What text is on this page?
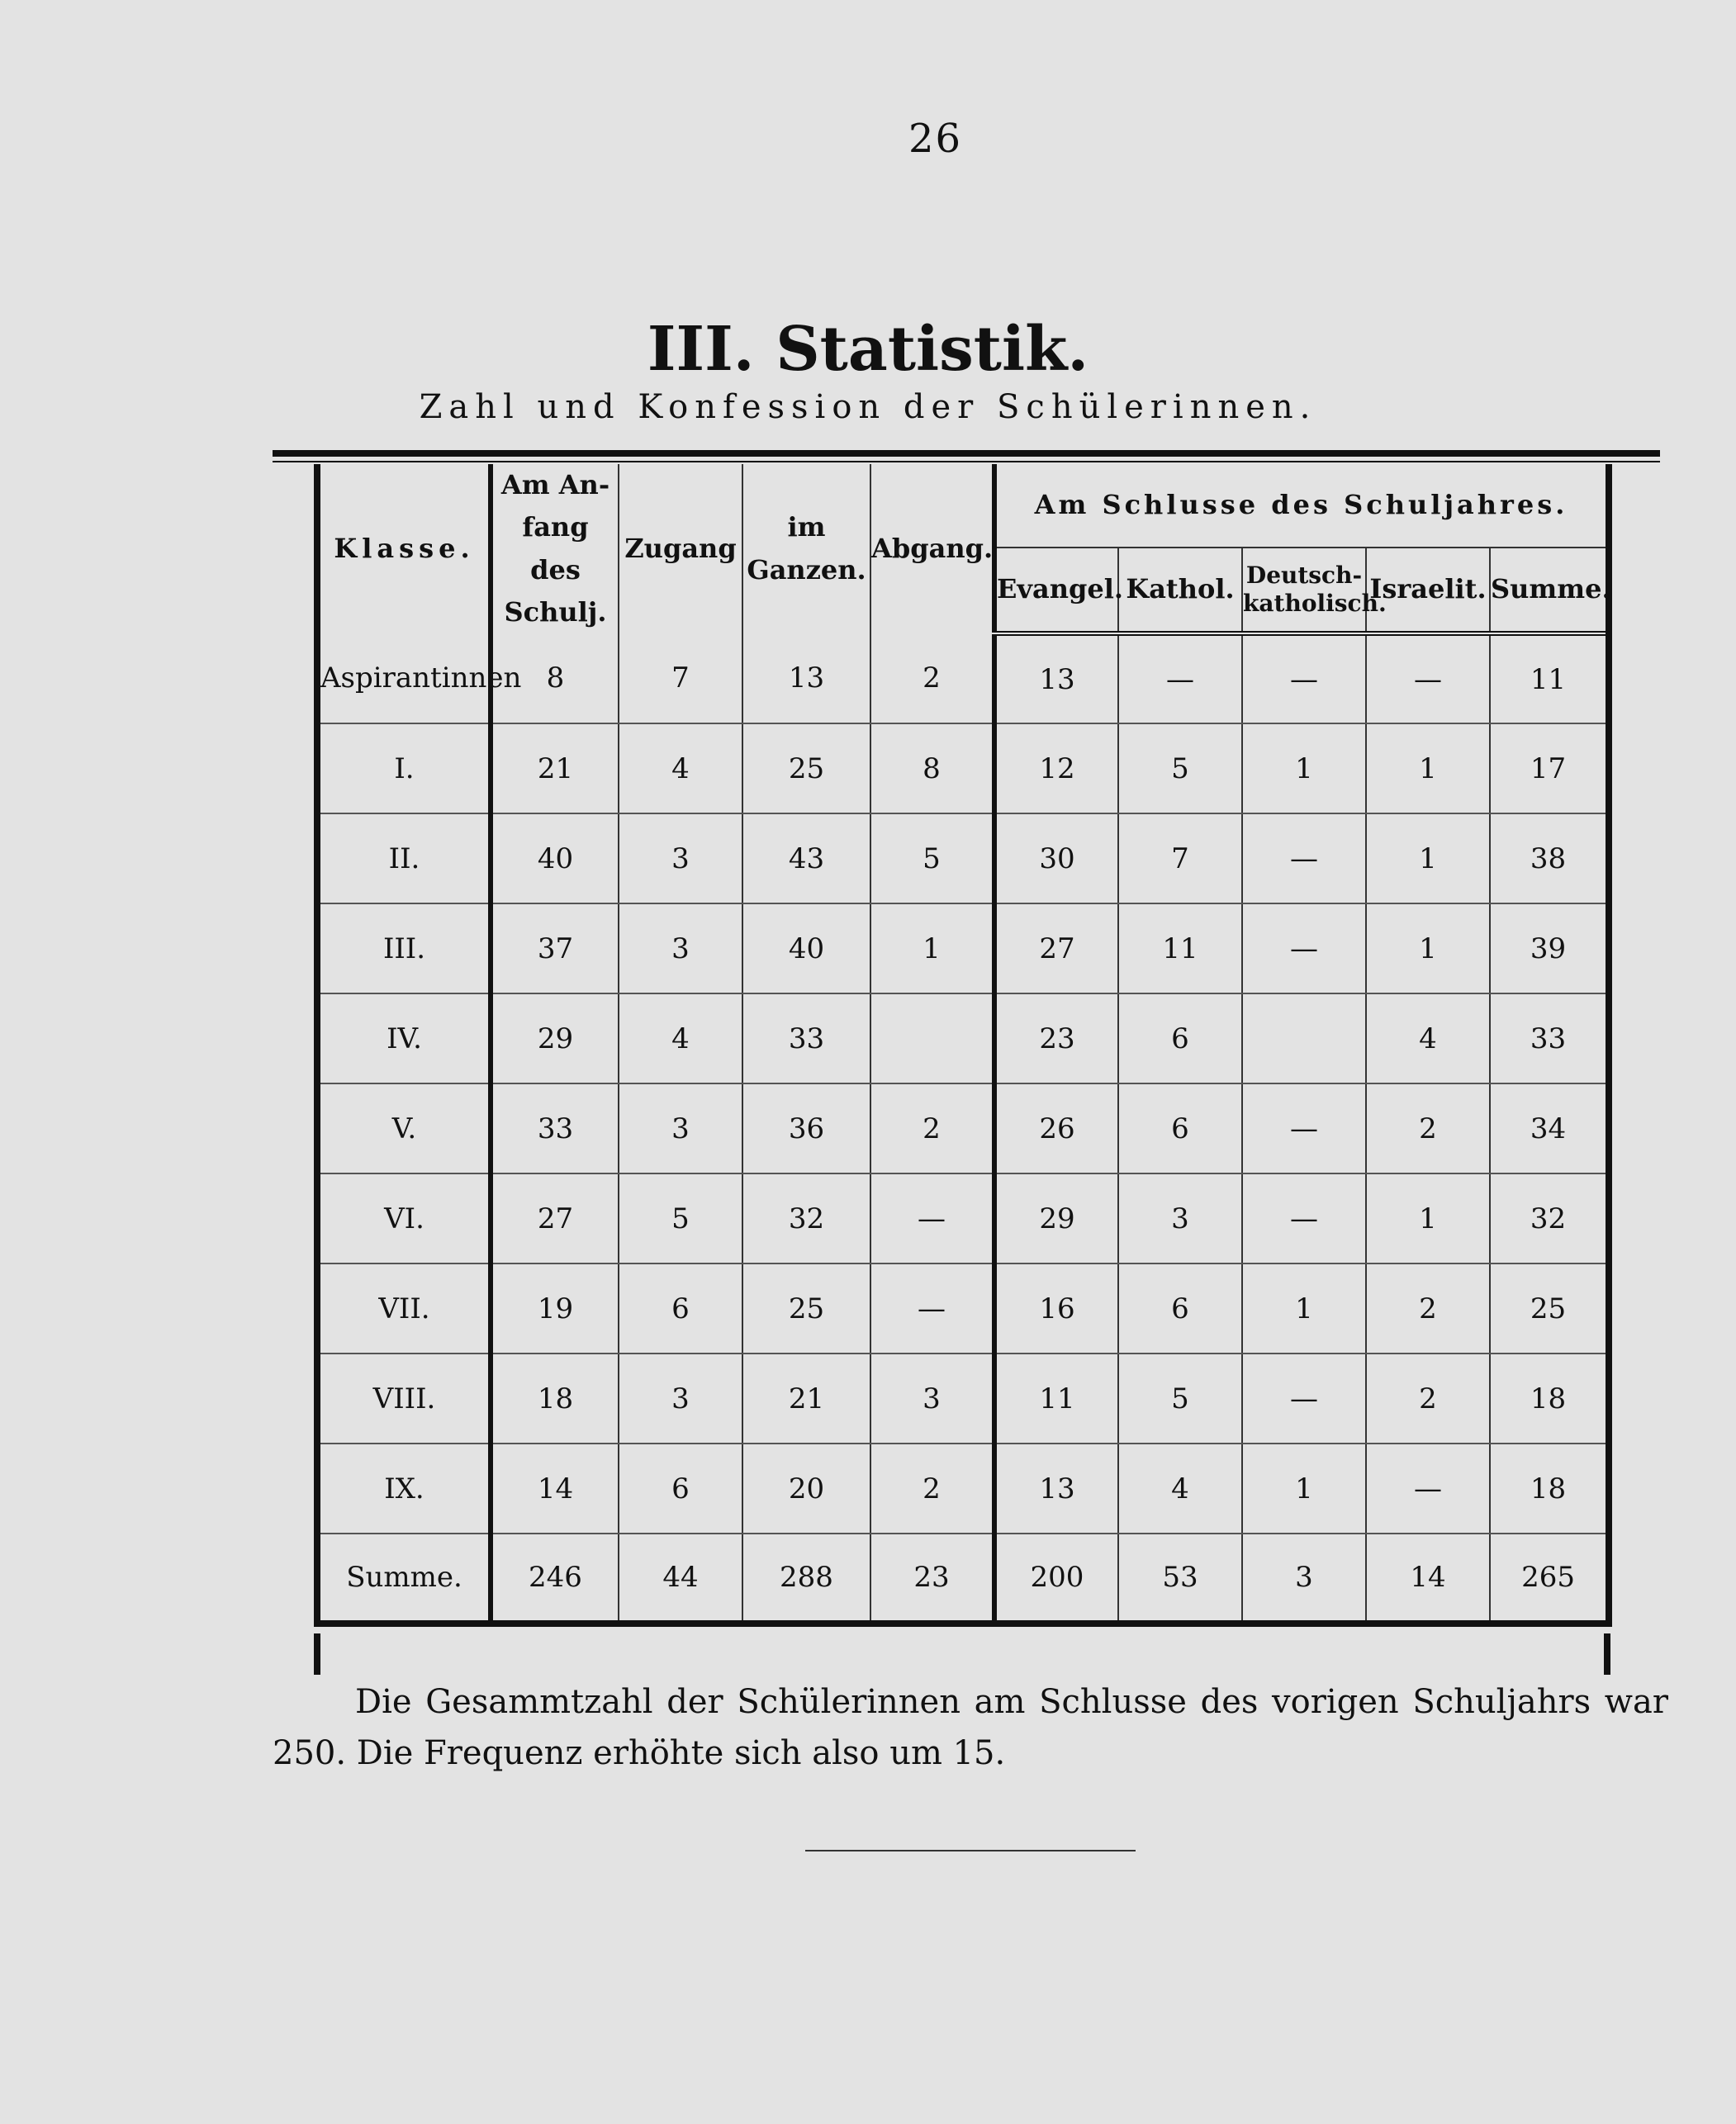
26
III. Statistik.
Zahl und Konfession der Schülerinnen.
Klasse.	Am An-fang des Schulj.	Zugang	im Ganzen.	Abgang.	Am Schlusse des Schuljahres.				
					Evangel.	Kathol.	Deutsch-katholisch.	Israelit.	Summe.
Aspirantinnen	8	7	13	2	13	—	—	—	11
I.	21	4	25	8	12	5	1	1	17
II.	40	3	43	5	30	7	—	1	38
III.	37	3	40	1	27	11	—	1	39
IV.	29	4	33		23	6		4	33
V.	33	3	36	2	26	6	—	2	34
VI.	27	5	32	—	29	3	—	1	32
VII.	19	6	25	—	16	6	1	2	25
VIII.	18	3	21	3	11	5	—	2	18
IX.	14	6	20	2	13	4	1	—	18
Summe.	246	44	288	23	200	53	3	14	265
Die Gesammtzahl der Schülerinnen am Schlusse des vorigen Schuljahrs war 250. Die Frequenz erhöhte sich also um 15.
